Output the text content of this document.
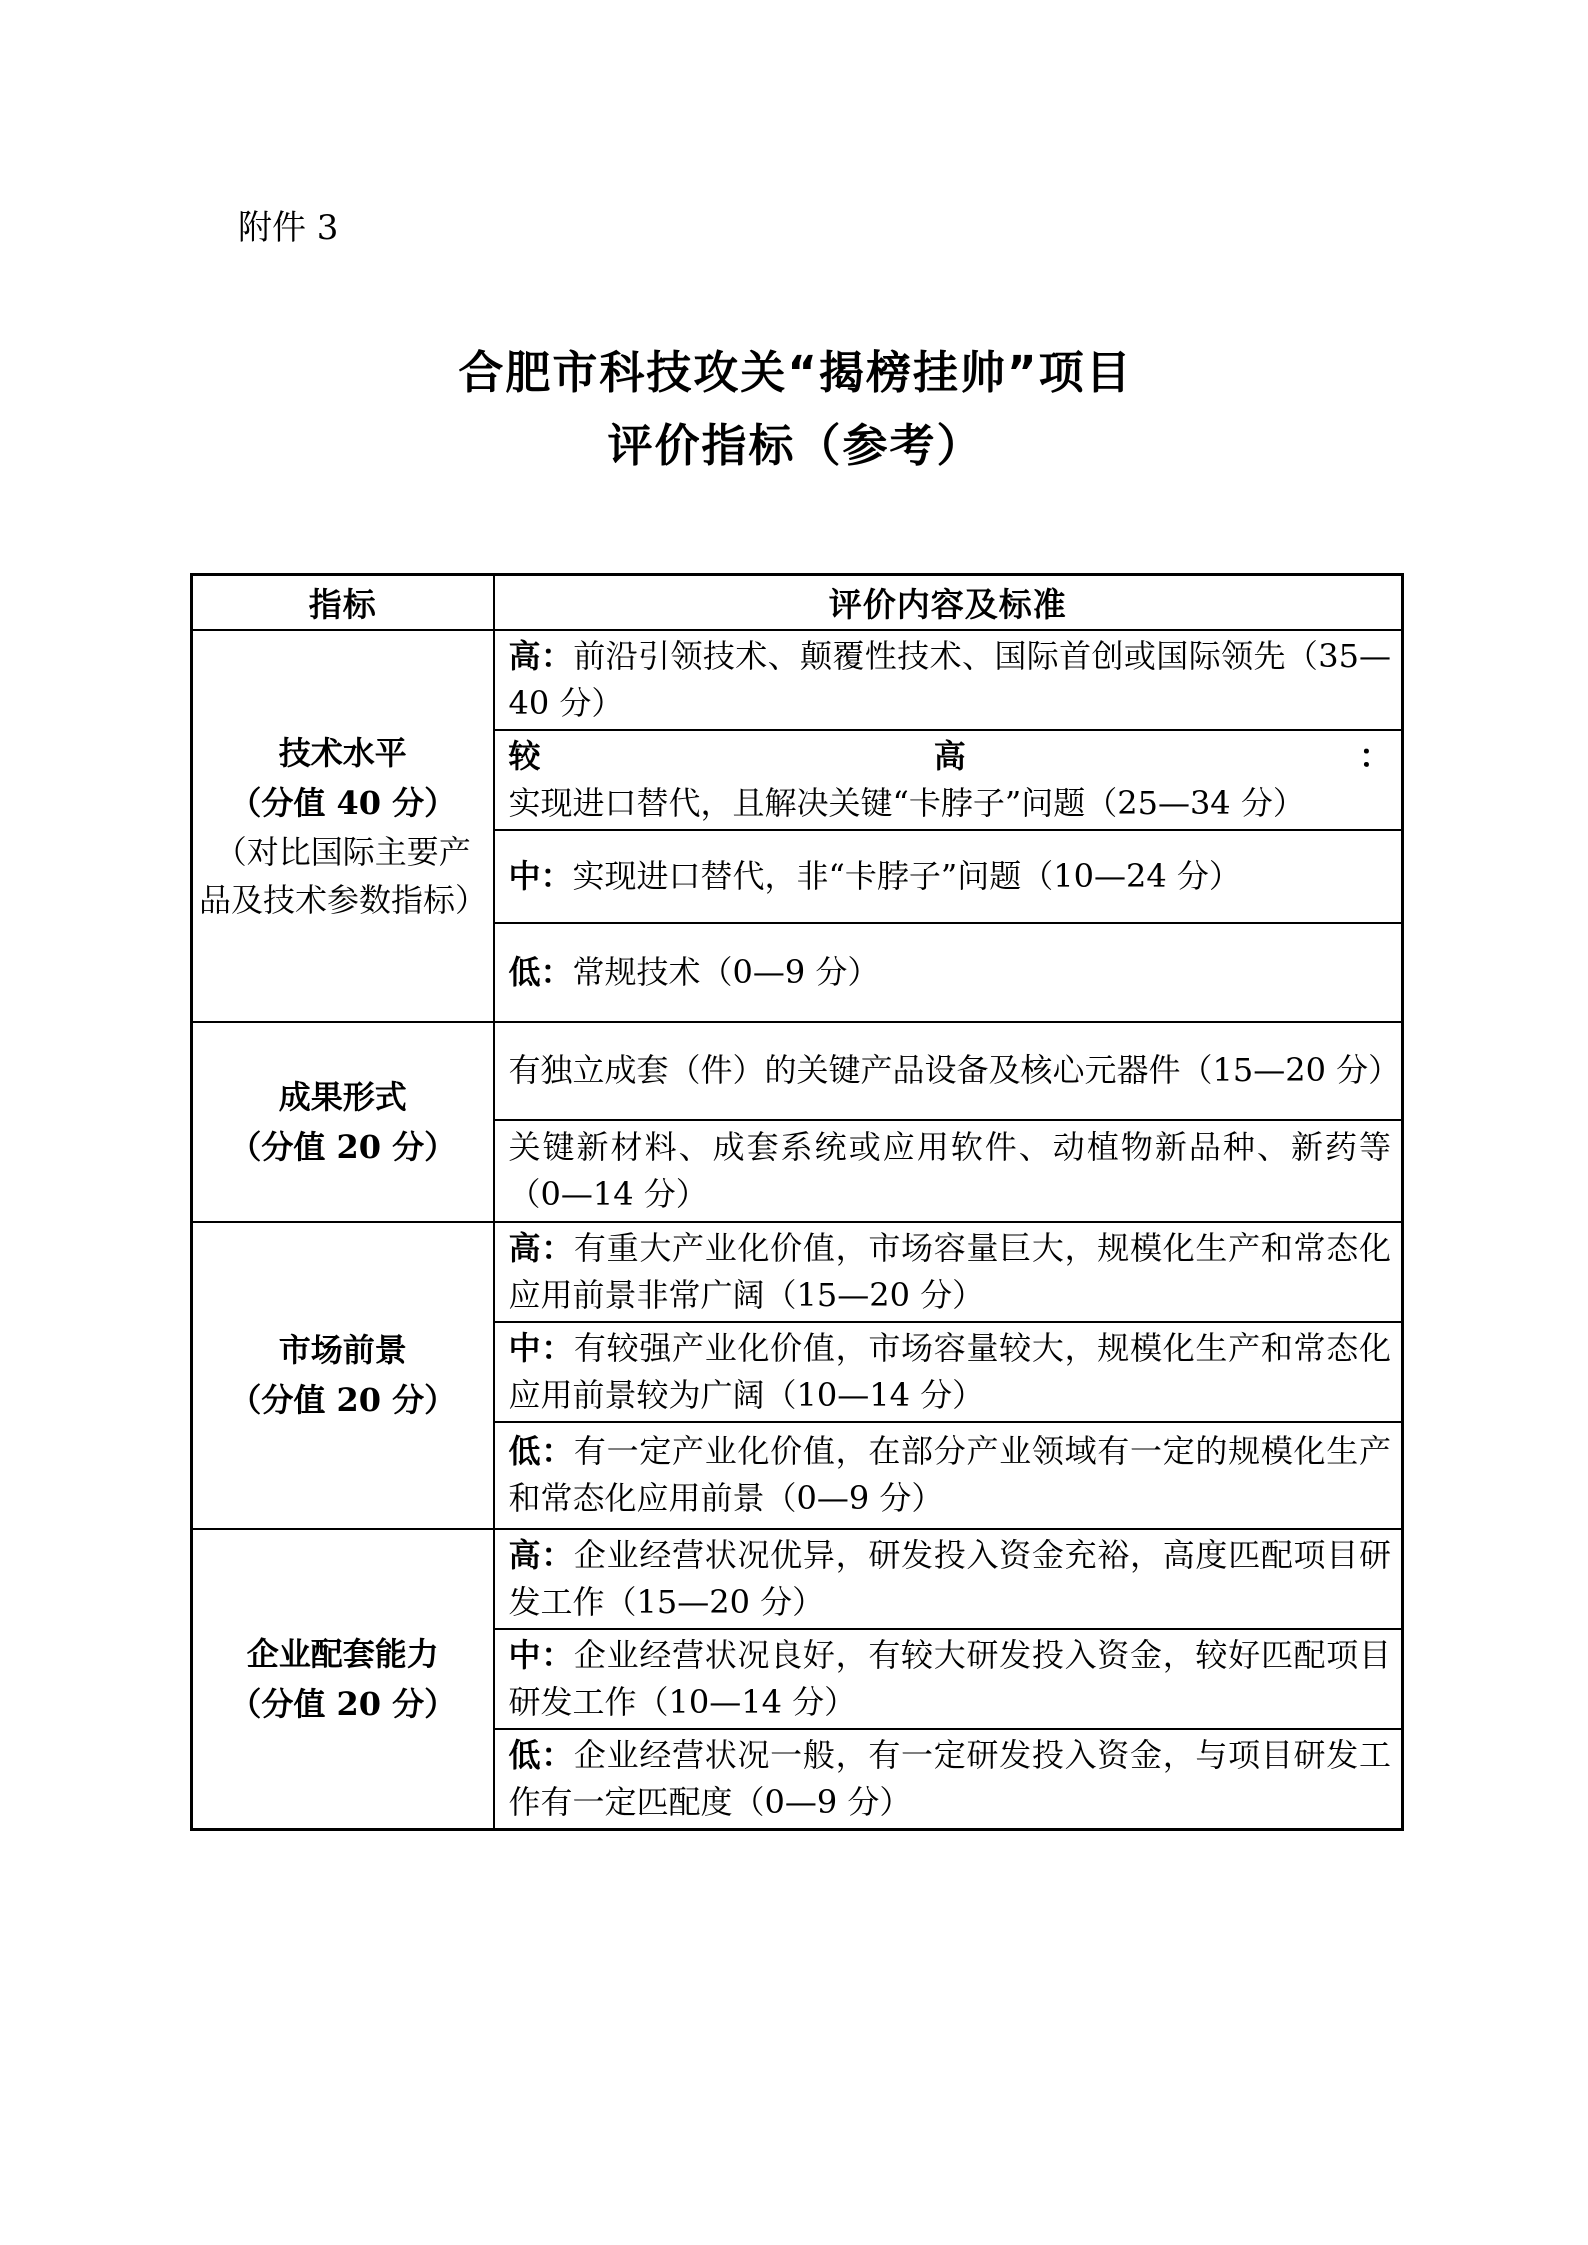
附件 3
合肥市科技攻关“揭榜挂帅”项目
评价指标（参考）
指标	评价内容及标准

技术水平
（分值 40 分）
（对比国际主要产品及技术参数指标）	高：前沿引领技术、颠覆性技术、国际首创或国际领先（35—40 分）
	较高：实现进口替代，且解决关键“卡脖子”问题（25—34 分）
	中：实现进口替代，非“卡脖子”问题（10—24 分）
	低：常规技术（0—9 分）

成果形式
（分值 20 分）	有独立成套（件）的关键产品设备及核心元器件（15—20 分）
	关键新材料、成套系统或应用软件、动植物新品种、新药等（0—14 分）

市场前景
（分值 20 分）	高：有重大产业化价值，市场容量巨大，规模化生产和常态化应用前景非常广阔（15—20 分）
	中：有较强产业化价值，市场容量较大，规模化生产和常态化应用前景较为广阔（10—14 分）
	低：有一定产业化价值，在部分产业领域有一定的规模化生产和常态化应用前景（0—9 分）

企业配套能力
（分值 20 分）	高：企业经营状况优异，研发投入资金充裕，高度匹配项目研发工作（15—20 分）
	中：企业经营状况良好，有较大研发投入资金，较好匹配项目研发工作（10—14 分）
	低：企业经营状况一般，有一定研发投入资金，与项目研发工作有一定匹配度（0—9 分）
